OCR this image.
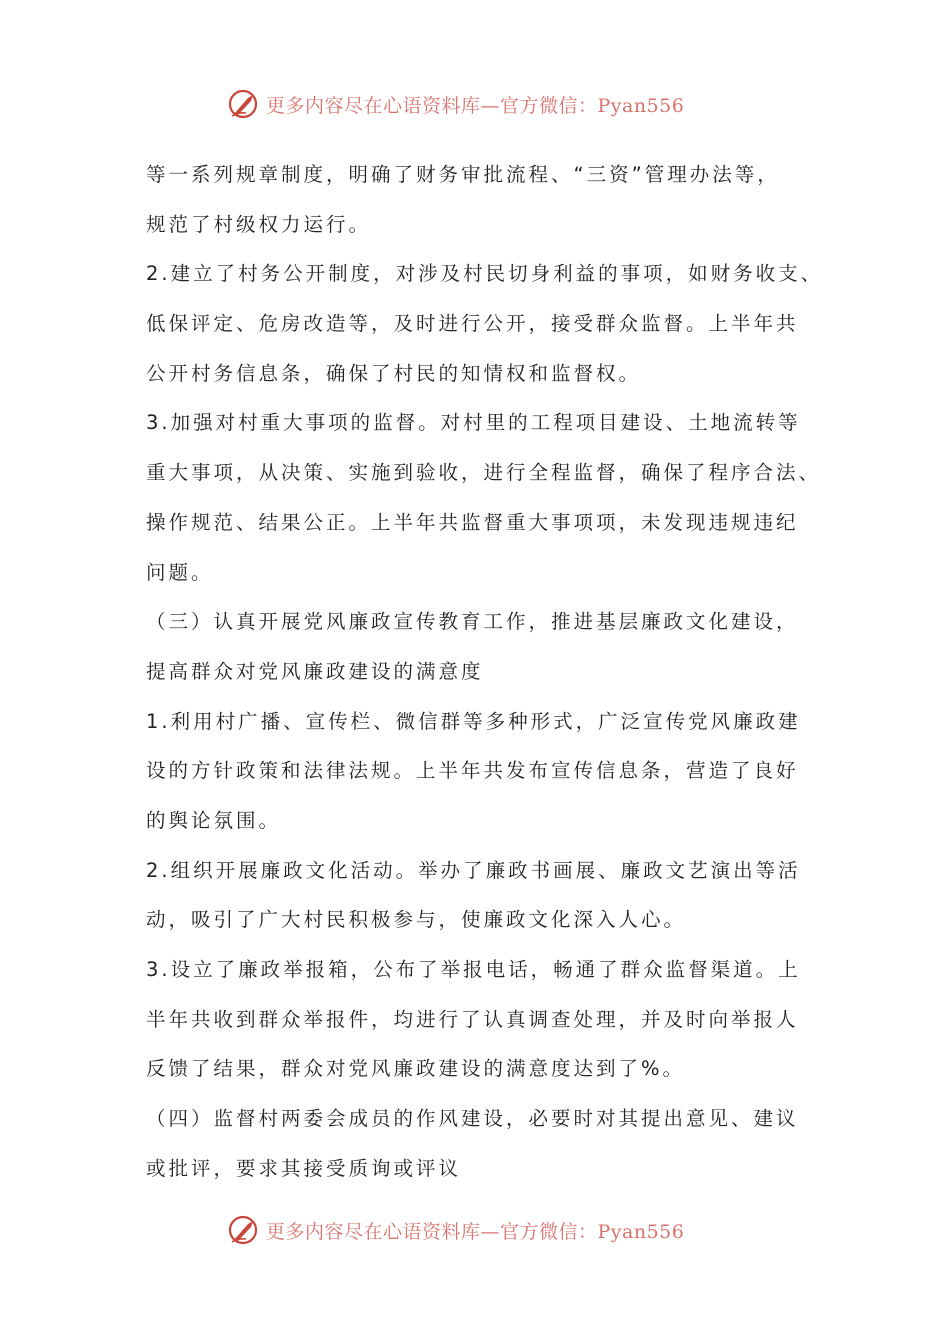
更多内容尽在心语资料库—官方微信：Pyan556
等一系列规章制度，明确了财务审批流程、“三资”管理办法等，
规范了村级权力运行。
2.建立了村务公开制度，对涉及村民切身利益的事项，如财务收支、
低保评定、危房改造等，及时进行公开，接受群众监督。上半年共
公开村务信息条，确保了村民的知情权和监督权。
3.加强对村重大事项的监督。对村里的工程项目建设、土地流转等
重大事项，从决策、实施到验收，进行全程监督，确保了程序合法、
操作规范、结果公正。上半年共监督重大事项项，未发现违规违纪
问题。
（三）认真开展党风廉政宣传教育工作，推进基层廉政文化建设，
提高群众对党风廉政建设的满意度
1.利用村广播、宣传栏、微信群等多种形式，广泛宣传党风廉政建
设的方针政策和法律法规。上半年共发布宣传信息条，营造了良好
的舆论氛围。
2.组织开展廉政文化活动。举办了廉政书画展、廉政文艺演出等活
动，吸引了广大村民积极参与，使廉政文化深入人心。
3.设立了廉政举报箱，公布了举报电话，畅通了群众监督渠道。上
半年共收到群众举报件，均进行了认真调查处理，并及时向举报人
反馈了结果，群众对党风廉政建设的满意度达到了%。
（四）监督村两委会成员的作风建设，必要时对其提出意见、建议
或批评，要求其接受质询或评议
更多内容尽在心语资料库—官方微信：Pyan556
